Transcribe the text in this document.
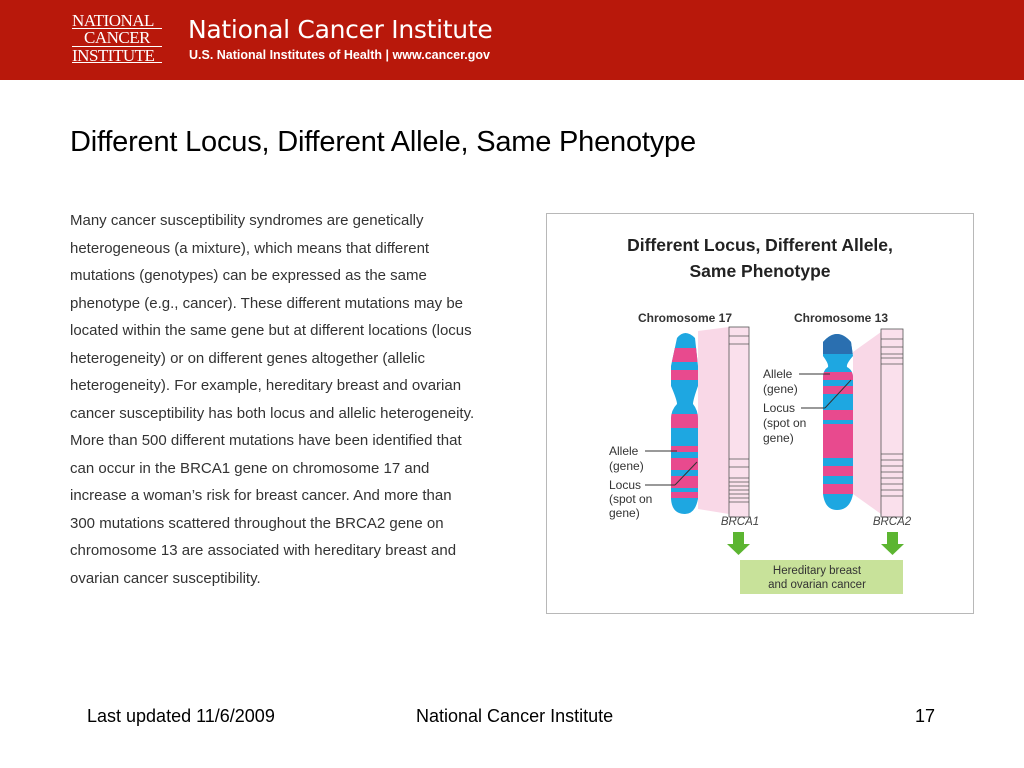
NATIONAL
CANCER
INSTITUTE
National Cancer Institute
U.S. National Institutes of Health | www.cancer.gov
Different Locus, Different Allele, Same Phenotype
Many cancer susceptibility syndromes are genetically heterogeneous (a mixture), which means that different mutations (genotypes) can be expressed as the same phenotype (e.g., cancer). These different mutations may be located within the same gene but at different locations (locus heterogeneity) or on different genes altogether (allelic heterogeneity). For example, hereditary breast and ovarian cancer susceptibility has both locus and allelic heterogeneity. More than 500 different mutations have been identified that can occur in the BRCA1 gene on chromosome 17 and increase a woman’s risk for breast cancer. And more than 300 mutations scattered throughout the BRCA2 gene on chromosome 13 are associated with hereditary breast and ovarian cancer susceptibility.
Different Locus, Different Allele,
Same Phenotype
Chromosome 17	Chromosome 13
Allele
(gene)
Locus
(spot on
gene)
BRCA1
Allele
(gene)
Locus
(spot on
gene)
BRCA2
Hereditary breast
and ovarian cancer
Last updated 11/6/2009	National Cancer Institute	17
